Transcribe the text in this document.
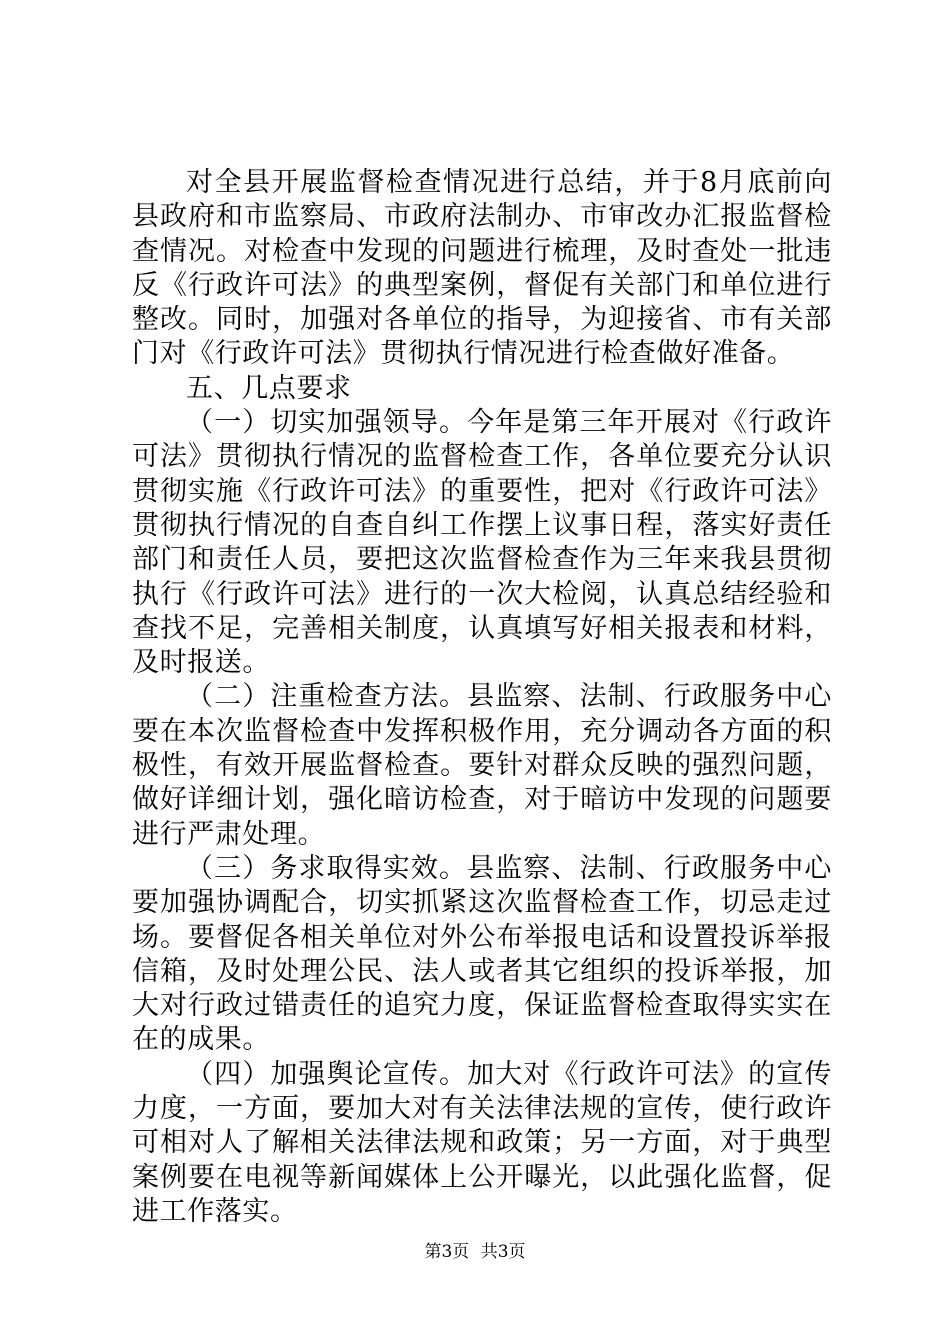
对全县开展监督检查情况进行总结，并于8月底前向县政府和市监察局、市政府法制办、市审改办汇报监督检查情况。对检查中发现的问题进行梳理，及时查处一批违反《行政许可法》的典型案例，督促有关部门和单位进行整改。同时，加强对各单位的指导，为迎接省、市有关部门对《行政许可法》贯彻执行情况进行检查做好准备。

五、几点要求

（一）切实加强领导。今年是第三年开展对《行政许可法》贯彻执行情况的监督检查工作，各单位要充分认识贯彻实施《行政许可法》的重要性，把对《行政许可法》贯彻执行情况的自查自纠工作摆上议事日程，落实好责任部门和责任人员，要把这次监督检查作为三年来我县贯彻执行《行政许可法》进行的一次大检阅，认真总结经验和查找不足，完善相关制度，认真填写好相关报表和材料，及时报送。

（二）注重检查方法。县监察、法制、行政服务中心要在本次监督检查中发挥积极作用，充分调动各方面的积极性，有效开展监督检查。要针对群众反映的强烈问题，做好详细计划，强化暗访检查，对于暗访中发现的问题要进行严肃处理。

（三）务求取得实效。县监察、法制、行政服务中心要加强协调配合，切实抓紧这次监督检查工作，切忌走过场。要督促各相关单位对外公布举报电话和设置投诉举报信箱，及时处理公民、法人或者其它组织的投诉举报，加大对行政过错责任的追究力度，保证监督检查取得实实在在的成果。

（四）加强舆论宣传。加大对《行政许可法》的宣传力度，一方面，要加大对有关法律法规的宣传，使行政许可相对人了解相关法律法规和政策；另一方面，对于典型案例要在电视等新闻媒体上公开曝光，以此强化监督，促进工作落实。

第3页 共3页
